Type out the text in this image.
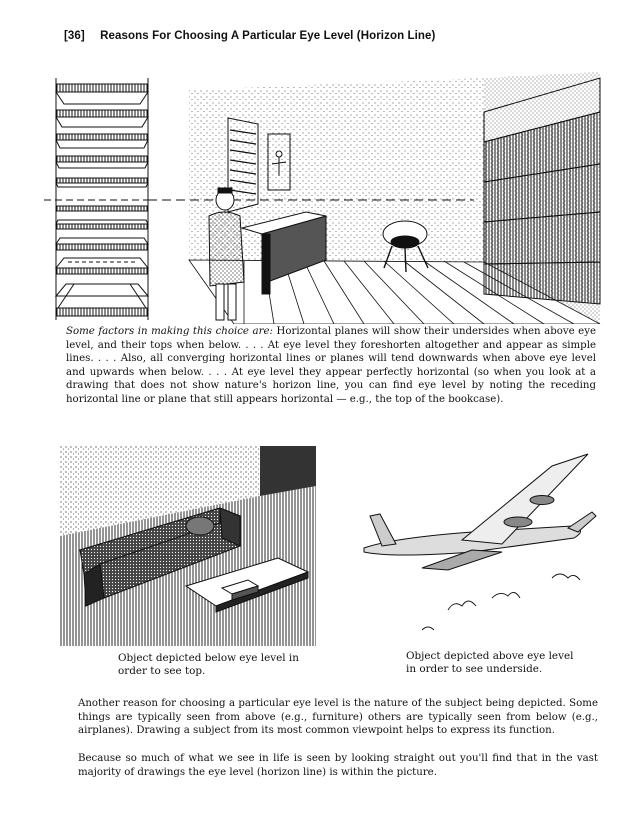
[36] Reasons For Choosing A Particular Eye Level (Horizon Line)

Some factors in making this choice are: Horizontal planes will show their undersides when above eye level, and their tops when below. . . . At eye level they foreshorten altogether and appear as simple lines. . . . Also, all converging horizontal lines or planes will tend downwards when above eye level and upwards when below. . . . At eye level they appear perfectly horizontal (so when you look at a drawing that does not show nature's horizon line, you can find eye level by noting the receding horizontal line or plane that still appears horizontal — e.g., the top of the bookcase).

Object depicted below eye level in order to see top.
Object depicted above eye level in order to see underside.

Another reason for choosing a particular eye level is the nature of the subject being depicted. Some things are typically seen from above (e.g., furniture) others are typically seen from below (e.g., airplanes). Drawing a subject from its most common viewpoint helps to express its function.

Because so much of what we see in life is seen by looking straight out you'll find that in the vast majority of drawings the eye level (horizon line) is within the picture.
